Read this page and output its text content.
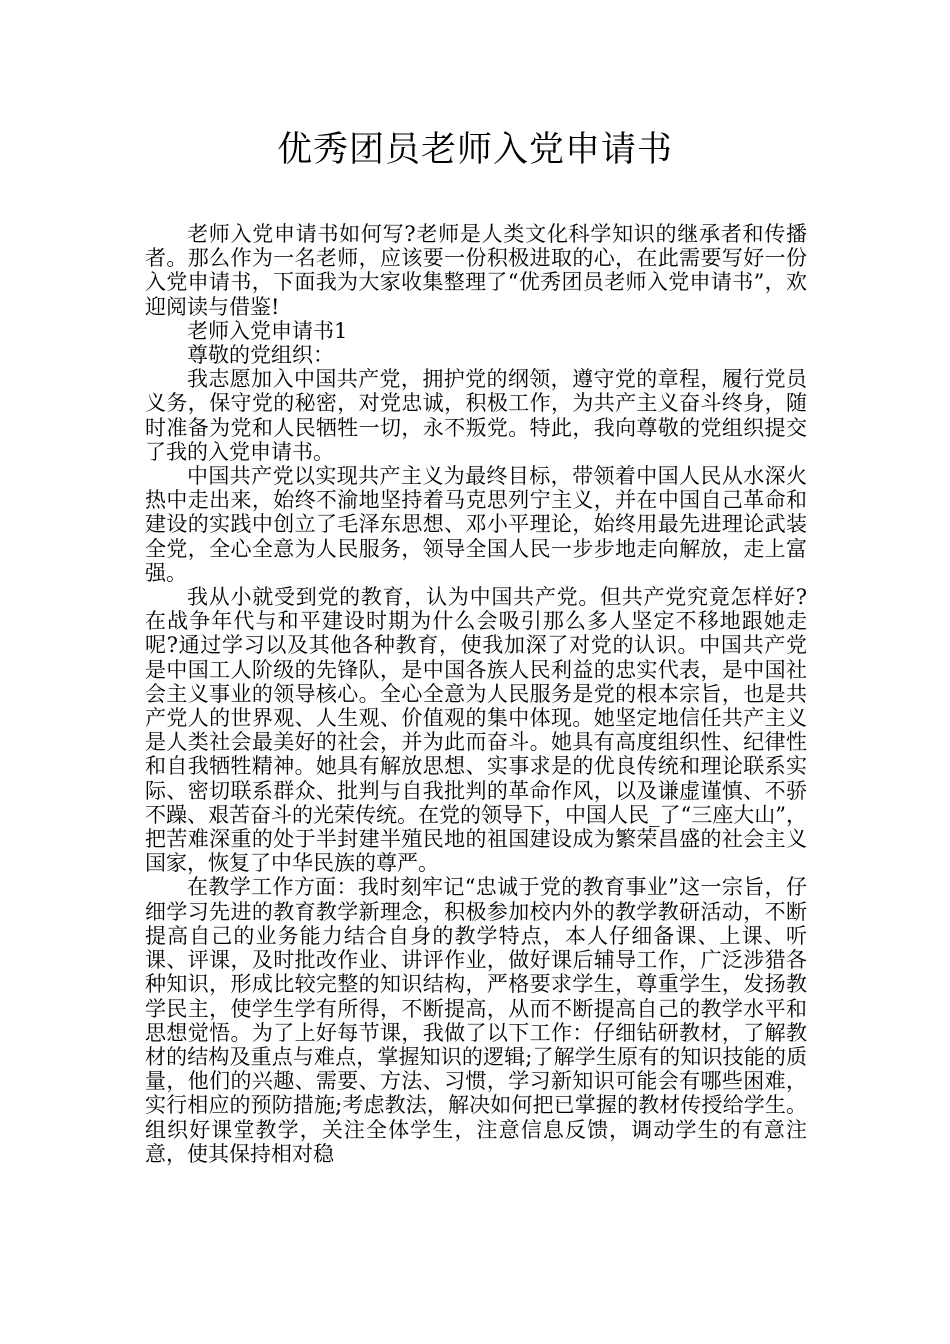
优秀团员老师入党申请书

老师入党申请书如何写?老师是人类文化科学知识的继承者和传播者。那么作为一名老师，应该要一份积极进取的心，在此需要写好一份入党申请书，下面我为大家收集整理了“优秀团员老师入党申请书”，欢迎阅读与借鉴!

老师入党申请书1

尊敬的党组织：

我志愿加入中国共产党，拥护党的纲领，遵守党的章程，履行党员义务，保守党的秘密，对党忠诚，积极工作，为共产主义奋斗终身，随时准备为党和人民牺牲一切，永不叛党。特此，我向尊敬的党组织提交了我的入党申请书。

中国共产党以实现共产主义为最终目标，带领着中国人民从水深火热中走出来，始终不渝地坚持着马克思列宁主义，并在中国自己革命和建设的实践中创立了毛泽东思想、邓小平理论，始终用最先进理论武装全党，全心全意为人民服务，领导全国人民一步步地走向解放，走上富强。

我从小就受到党的教育，认为中国共产党。但共产党究竟怎样好?在战争年代与和平建设时期为什么会吸引那么多人坚定不移地跟她走呢?通过学习以及其他各种教育，使我加深了对党的认识。中国共产党是中国工人阶级的先锋队，是中国各族人民利益的忠实代表，是中国社会主义事业的领导核心。全心全意为人民服务是党的根本宗旨，也是共产党人的世界观、人生观、价值观的集中体现。她坚定地信任共产主义是人类社会最美好的社会，并为此而奋斗。她具有高度组织性、纪律性和自我牺牲精神。她具有解放思想、实事求是的优良传统和理论联系实际、密切联系群众、批判与自我批判的革命作风，以及谦虚谨慎、不骄不躁、艰苦奋斗的光荣传统。在党的领导下，中国人民_了“三座大山”，把苦难深重的处于半封建半殖民地的祖国建设成为繁荣昌盛的社会主义国家，恢复了中华民族的尊严。

在教学工作方面：我时刻牢记“忠诚于党的教育事业”这一宗旨，仔细学习先进的教育教学新理念，积极参加校内外的教学教研活动，不断提高自己的业务能力结合自身的教学特点，本人仔细备课、上课、听课、评课，及时批改作业、讲评作业，做好课后辅导工作，广泛涉猎各种知识，形成比较完整的知识结构，严格要求学生，尊重学生，发扬教学民主，使学生学有所得，不断提高，从而不断提高自己的教学水平和思想觉悟。为了上好每节课，我做了以下工作：仔细钻研教材，了解教材的结构及重点与难点，掌握知识的逻辑;了解学生原有的知识技能的质量，他们的兴趣、需要、方法、习惯，学习新知识可能会有哪些困难，实行相应的预防措施;考虑教法，解决如何把已掌握的教材传授给学生。组织好课堂教学，关注全体学生，注意信息反馈，调动学生的有意注意，使其保持相对稳
